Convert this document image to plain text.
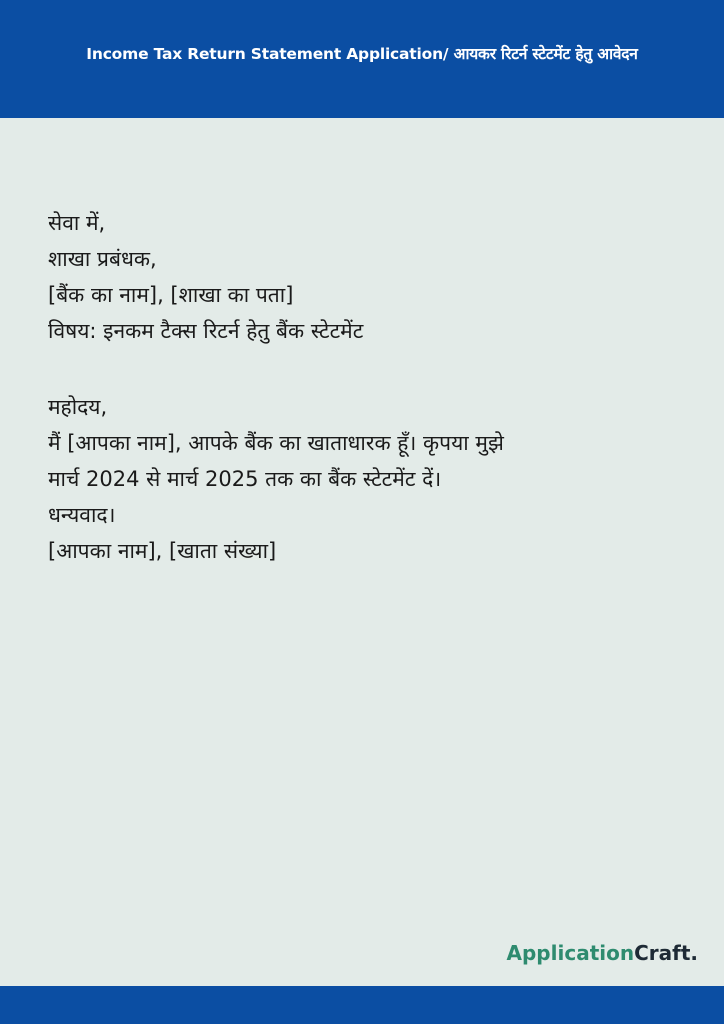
Income Tax Return Statement Application/ आयकर रिटर्न स्टेटमेंट हेतु आवेदन
सेवा में,
शाखा प्रबंधक,
[बैंक का नाम], [शाखा का पता]
विषय: इनकम टैक्स रिटर्न हेतु बैंक स्टेटमेंट
महोदय,
मैं [आपका नाम], आपके बैंक का खाताधारक हूँ। कृपया मुझे
मार्च 2024 से मार्च 2025 तक का बैंक स्टेटमेंट दें।
धन्यवाद।
[आपका नाम], [खाता संख्या]
ApplicationCraft.
